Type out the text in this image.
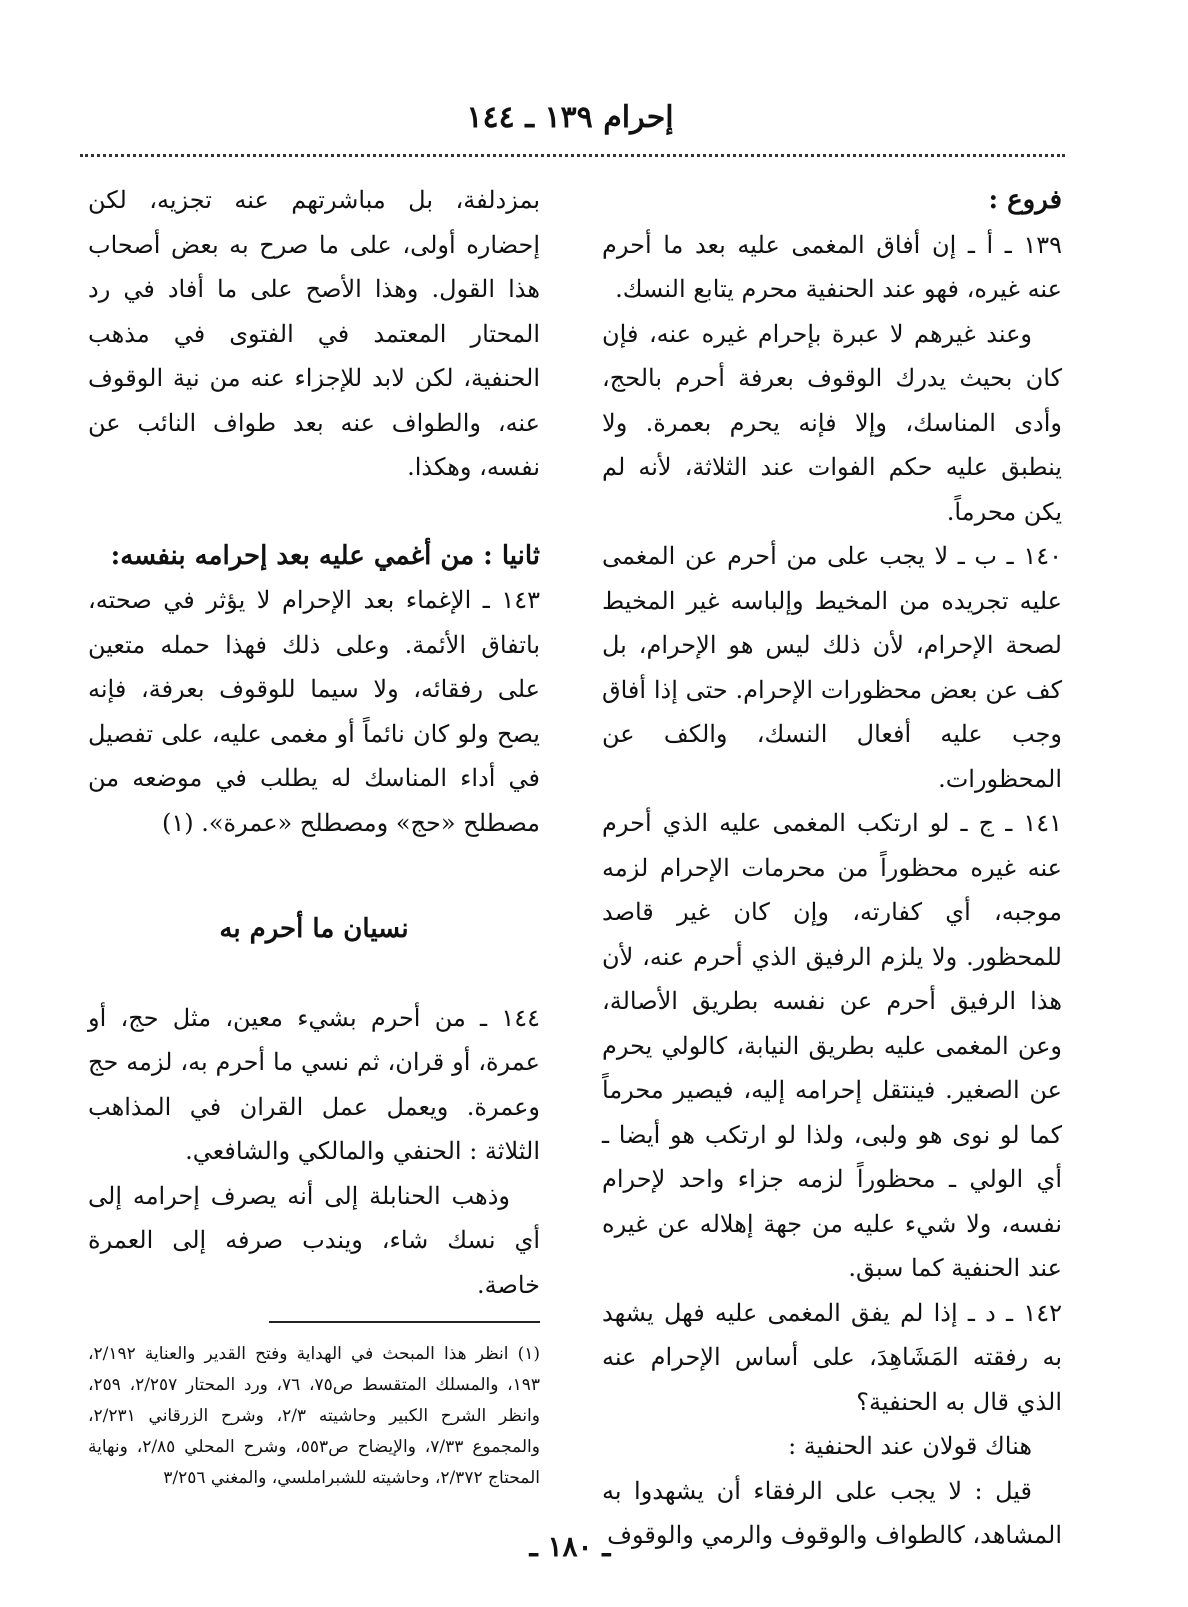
إحرام ١٣٩ ـ ١٤٤

فروع :

١٣٩ ـ أ ـ إن أفاق المغمى عليه بعد ما أحرم عنه غيره، فهو عند الحنفية محرم يتابع النسك.

وعند غيرهم لا عبرة بإحرام غيره عنه، فإن كان بحيث يدرك الوقوف بعرفة أحرم بالحج، وأدى المناسك، وإلا فإنه يحرم بعمرة. ولا ينطبق عليه حكم الفوات عند الثلاثة، لأنه لم يكن محرماً.

١٤٠ ـ ب ـ لا يجب على من أحرم عن المغمى عليه تجريده من المخيط وإلباسه غير المخيط لصحة الإحرام، لأن ذلك ليس هو الإحرام، بل كف عن بعض محظورات الإحرام. حتى إذا أفاق وجب عليه أفعال النسك، والكف عن المحظورات.

١٤١ ـ ج ـ لو ارتكب المغمى عليه الذي أحرم عنه غيره محظوراً من محرمات الإحرام لزمه موجبه، أي كفارته، وإن كان غير قاصد للمحظور. ولا يلزم الرفيق الذي أحرم عنه، لأن هذا الرفيق أحرم عن نفسه بطريق الأصالة، وعن المغمى عليه بطريق النيابة، كالولي يحرم عن الصغير. فينتقل إحرامه إليه، فيصير محرماً كما لو نوى هو ولبى، ولذا لو ارتكب هو أيضا ـ أي الولي ـ محظوراً لزمه جزاء واحد لإحرام نفسه، ولا شيء عليه من جهة إهلاله عن غيره عند الحنفية كما سبق.

١٤٢ ـ د ـ إذا لم يفق المغمى عليه فهل يشهد به رفقته المَشَاهِدَ، على أساس الإحرام عنه الذي قال به الحنفية؟

هناك قولان عند الحنفية :

قيل : لا يجب على الرفقاء أن يشهدوا به المشاهد، كالطواف والوقوف والرمي والوقوف

بمزدلفة، بل مباشرتهم عنه تجزيه، لكن إحضاره أولى، على ما صرح به بعض أصحاب هذا القول. وهذا الأصح على ما أفاد في رد المحتار المعتمد في الفتوى في مذهب الحنفية، لكن لابد للإجزاء عنه من نية الوقوف عنه، والطواف عنه بعد طواف النائب عن نفسه، وهكذا.

ثانيا : من أغمي عليه بعد إحرامه بنفسه:

١٤٣ ـ الإغماء بعد الإحرام لا يؤثر في صحته، باتفاق الأئمة. وعلى ذلك فهذا حمله متعين على رفقائه، ولا سيما للوقوف بعرفة، فإنه يصح ولو كان نائماً أو مغمى عليه، على تفصيل في أداء المناسك له يطلب في موضعه من مصطلح «حج» ومصطلح «عمرة». (١)

نسيان ما أحرم به

١٤٤ ـ من أحرم بشيء معين، مثل حج، أو عمرة، أو قران، ثم نسي ما أحرم به، لزمه حج وعمرة. ويعمل عمل القران في المذاهب الثلاثة : الحنفي والمالكي والشافعي.

وذهب الحنابلة إلى أنه يصرف إحرامه إلى أي نسك شاء، ويندب صرفه إلى العمرة خاصة.

(١) انظر هذا المبحث في الهداية وفتح القدير والعناية ٢/١٩٢، ١٩٣، والمسلك المتقسط ص٧٥، ٧٦، ورد المحتار ٢/٢٥٧، ٢٥٩، وانظر الشرح الكبير وحاشيته ٢/٣، وشرح الزرقاني ٢/٢٣١، والمجموع ٧/٣٣، والإيضاح ص٥٥٣، وشرح المحلي ٢/٨٥، ونهاية المحتاج ٢/٣٧٢، وحاشيته للشبراملسي، والمغني ٣/٢٥٦

ـ ١٨٠ ـ
